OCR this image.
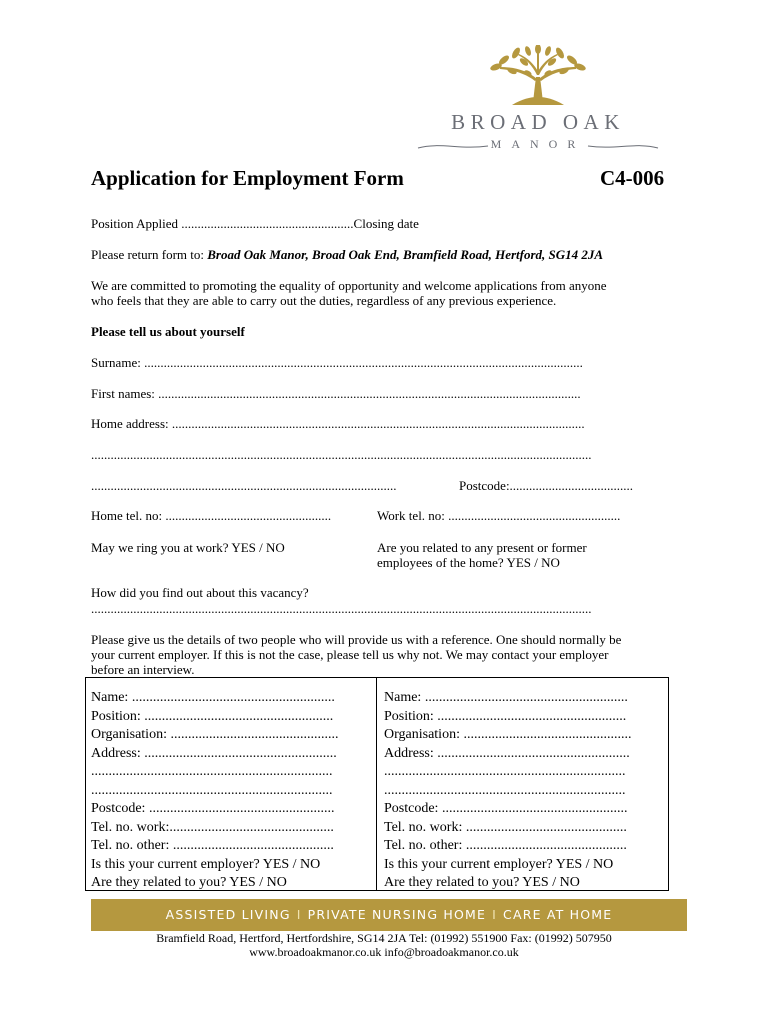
BROAD OAK
MANOR
Application for Employment Form	C4-006
Position Applied .....................................................Closing date
Please return form to: Broad Oak Manor, Broad Oak End, Bramfield Road, Hertford, SG14 2JA
We are committed to promoting the equality of opportunity and welcome applications from anyone
who feels that they are able to carry out the duties, regardless of any previous experience.
Please tell us about yourself
Surname: .......................................................................................................................................
First names: ..................................................................................................................................
Home address: ...............................................................................................................................
..........................................................................................................................................................
..............................................................................................	Postcode:......................................
Home tel. no: ...................................................	Work tel. no: .....................................................
May we ring you at work? YES / NO	Are you related to any present or former
employees of the home? YES / NO
How did you find out about this vacancy?
..........................................................................................................................................................
Please give us the details of two people who will provide us with a reference. One should normally be
your current employer. If this is not the case, please tell us why not. We may contact your employer
before an interview.
Name: ..........................................................
Position: ......................................................
Organisation: ................................................
Address: .......................................................
.....................................................................
.....................................................................
Postcode: .....................................................
Tel. no. work:...............................................
Tel. no. other: ..............................................
Is this your current employer? YES / NO
Are they related to you? YES / NO
Name: ..........................................................
Position: ......................................................
Organisation: ................................................
Address: .......................................................
.....................................................................
.....................................................................
Postcode: .....................................................
Tel. no. work: ..............................................
Tel. no. other: ..............................................
Is this your current employer? YES / NO
Are they related to you? YES / NO
ASSISTED LIVING I PRIVATE NURSING HOME I CARE AT HOME
Bramfield Road, Hertford, Hertfordshire, SG14 2JA Tel: (01992) 551900 Fax: (01992) 507950
www.broadoakmanor.co.uk info@broadoakmanor.co.uk
